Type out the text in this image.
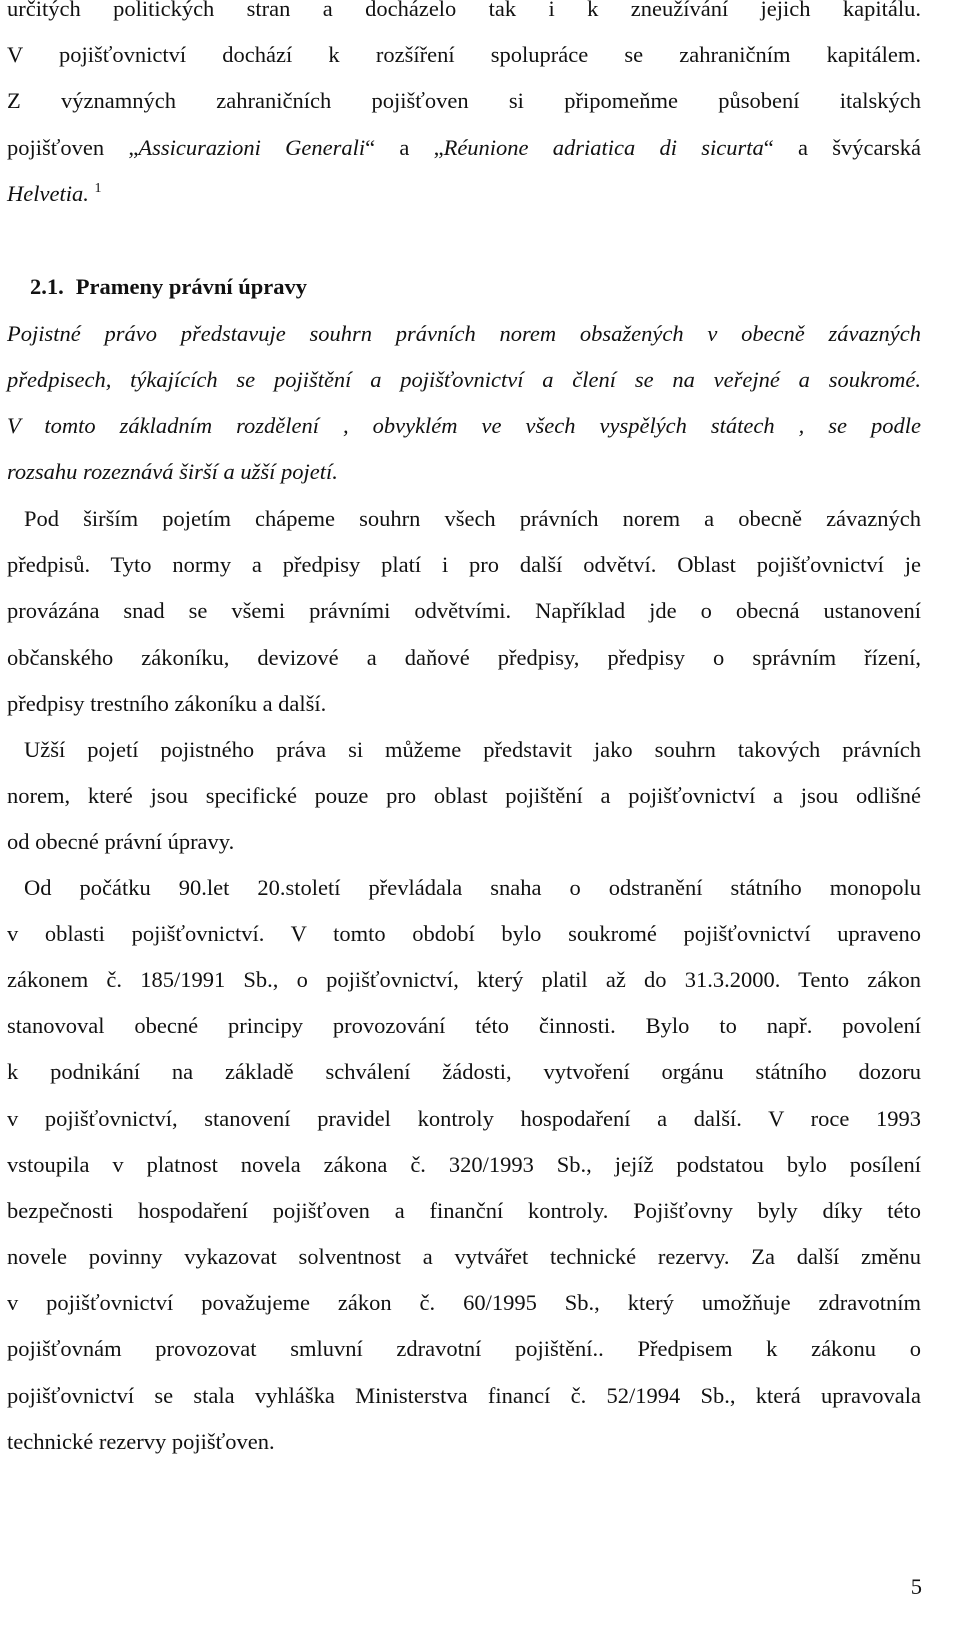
určitých politických stran a docházelo tak i k zneužívání jejich kapitálu.
V pojišťovnictví dochází k rozšíření spolupráce se zahraničním kapitálem.
Z významných zahraničních pojišťoven si připomeňme působení italských
pojišťoven „Assicurazioni Generali“ a „Réunione adriatica di sicurta“ a švýcarská
Helvetia. $^1$
2.1. Prameny právní úpravy
Pojistné právo představuje souhrn právních norem obsažených v obecně závazných
předpisech, týkajících se pojištění a pojišťovnictví a člení se na veřejné a soukromé.
V tomto základním rozdělení , obvyklém ve všech vyspělých státech , se podle
rozsahu rozeznává širší a užší pojetí.
Pod širším pojetím chápeme souhrn všech právních norem a obecně závazných
předpisů. Tyto normy a předpisy platí i pro další odvětví. Oblast pojišťovnictví je
provázána snad se všemi právními odvětvími. Například jde o obecná ustanovení
občanského zákoníku, devizové a daňové předpisy, předpisy o správním řízení,
předpisy trestního zákoníku a další.
Užší pojetí pojistného práva si můžeme představit jako souhrn takových právních
norem, které jsou specifické pouze pro oblast pojištění a pojišťovnictví a jsou odlišné
od obecné právní úpravy.
Od počátku 90.let 20.století převládala snaha o odstranění státního monopolu
v oblasti pojišťovnictví. V tomto období bylo soukromé pojišťovnictví upraveno
zákonem č. 185/1991 Sb., o pojišťovnictví, který platil až do 31.3.2000. Tento zákon
stanovoval obecné principy provozování této činnosti. Bylo to např. povolení
k podnikání na základě schválení žádosti, vytvoření orgánu státního dozoru
v pojišťovnictví, stanovení pravidel kontroly hospodaření a další. V roce 1993
vstoupila v platnost novela zákona č. 320/1993 Sb., jejíž podstatou bylo posílení
bezpečnosti hospodaření pojišťoven a finanční kontroly. Pojišťovny byly díky této
novele povinny vykazovat solventnost a vytvářet technické rezervy. Za další změnu
v pojišťovnictví považujeme zákon č. 60/1995 Sb., který umožňuje zdravotním
pojišťovnám provozovat smluvní zdravotní pojištění.. Předpisem k zákonu o
pojišťovnictví se stala vyhláška Ministerstva financí č. 52/1994 Sb., která upravovala
technické rezervy pojišťoven.
5
